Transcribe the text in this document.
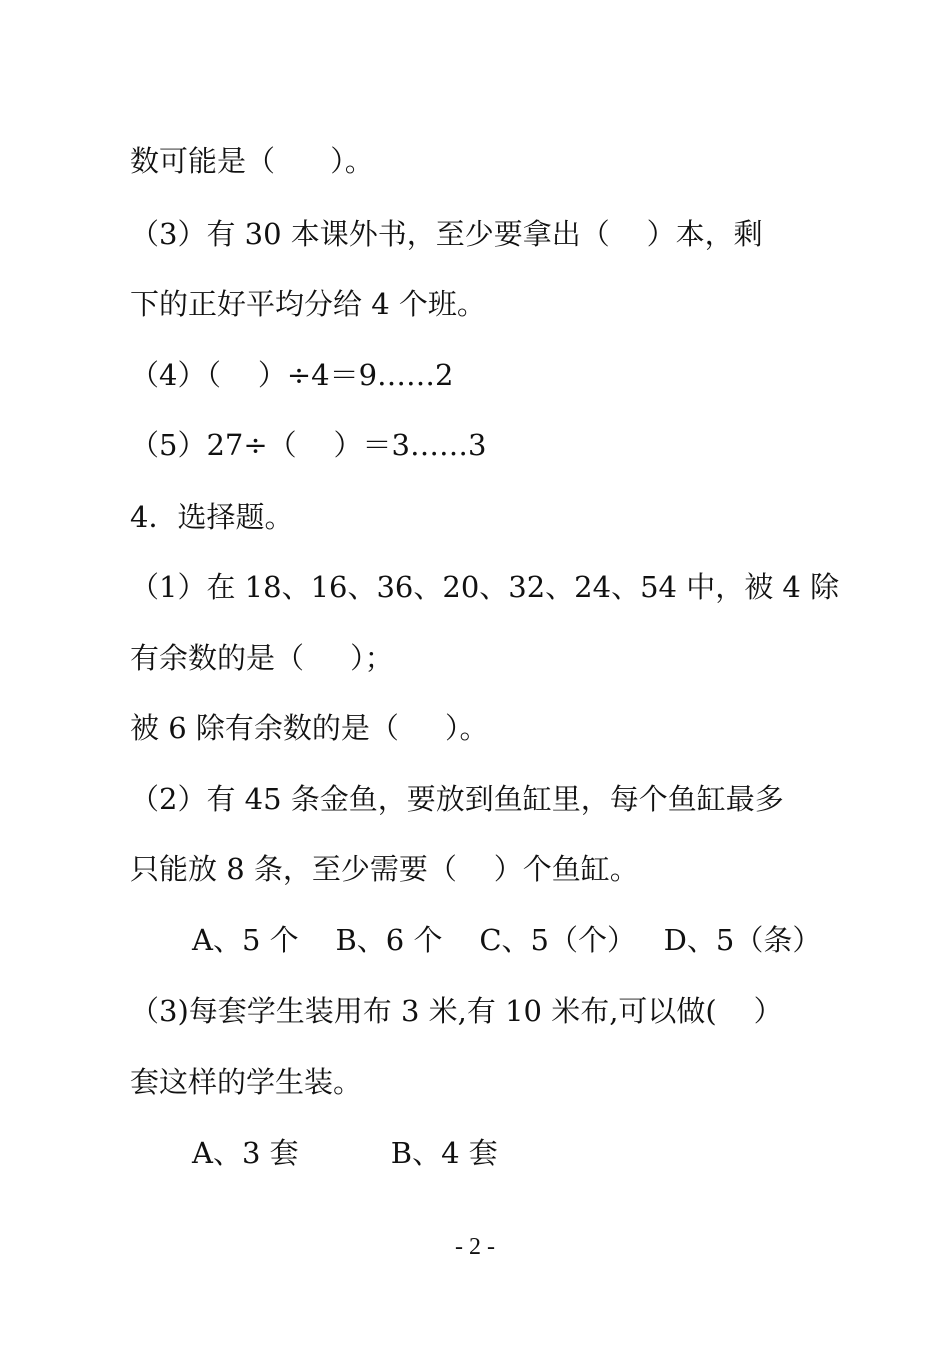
数可能是（      ）。
（3）有 30 本课外书，至少要拿出（    ）本，剩
下的正好平均分给 4 个班。
（4）（    ）÷4＝9……2
（5）27÷（    ）＝3……3
4．选择题。
（1）在 18、16、36、20、32、24、54 中，被 4 除
有余数的是（     ）；
被 6 除有余数的是（     ）。
（2）有 45 条金鱼，要放到鱼缸里，每个鱼缸最多
只能放 8 条，至少需要（    ）个鱼缸。
A、5 个    B、6 个    C、5（个）   D、5（条）
（3)每套学生装用布 3 米,有 10 米布,可以做(    ）
套这样的学生装。
A、3 套          B、4 套
- 2 -
